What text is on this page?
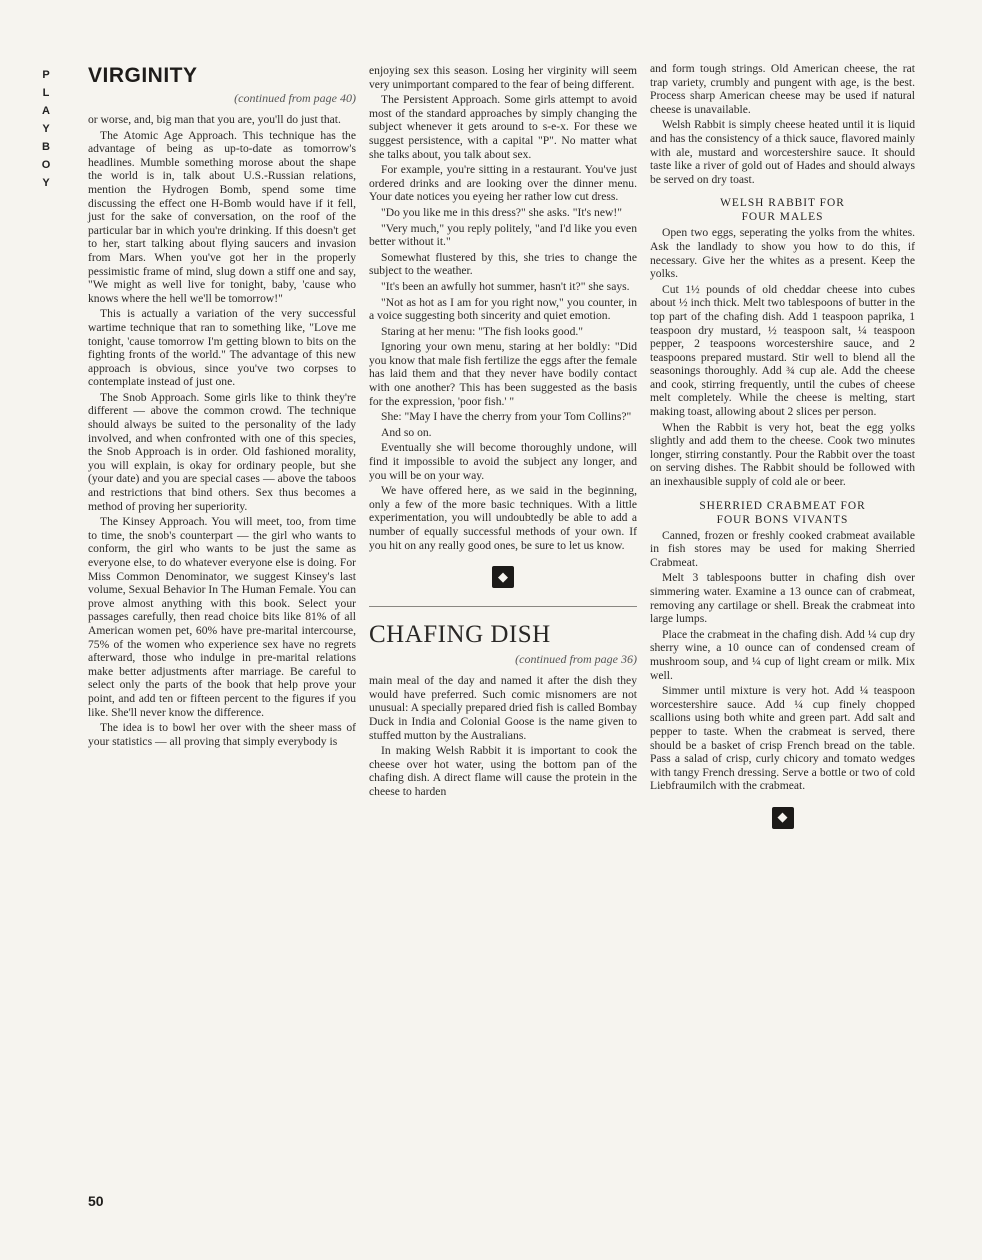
P
L
A
Y
B
O
Y
VIRGINITY
(continued from page 40)

or worse, and, big man that you are, you'll do just that.

The Atomic Age Approach. This technique has the advantage of being as up-to-date as tomorrow's headlines. Mumble something morose about the shape the world is in, talk about U.S.-Russian relations, mention the Hydrogen Bomb, spend some time discussing the effect one H-Bomb would have if it fell, just for the sake of conversation, on the roof of the particular bar in which you're drinking. If this doesn't get to her, start talking about flying saucers and invasion from Mars. When you've got her in the properly pessimistic frame of mind, slug down a stiff one and say, "We might as well live for tonight, baby, 'cause who knows where the hell we'll be tomorrow!"

This is actually a variation of the very successful wartime technique that ran to something like, "Love me tonight, 'cause tomorrow I'm getting blown to bits on the fighting fronts of the world." The advantage of this new approach is obvious, since you've two corpses to contemplate instead of just one.

The Snob Approach. Some girls like to think they're different — above the common crowd. The technique should always be suited to the personality of the lady involved, and when confronted with one of this species, the Snob Approach is in order. Old fashioned morality, you will explain, is okay for ordinary people, but she (your date) and you are special cases — above the taboos and restrictions that bind others. Sex thus becomes a method of proving her superiority.

The Kinsey Approach. You will meet, too, from time to time, the snob's counterpart — the girl who wants to conform, the girl who wants to be just the same as everyone else, to do whatever everyone else is doing. For Miss Common Denominator, we suggest Kinsey's last volume, Sexual Behavior In The Human Female. You can prove almost anything with this book. Select your passages carefully, then read choice bits like 81% of all American women pet, 60% have pre-marital intercourse, 75% of the women who experience sex have no regrets afterward, those who indulge in pre-marital relations make better adjustments after marriage. Be careful to select only the parts of the book that help prove your point, and add ten or fifteen percent to the figures if you like. She'll never know the difference.

The idea is to bowl her over with the sheer mass of your statistics — all proving that simply everybody is

enjoying sex this season. Losing her virginity will seem very unimportant compared to the fear of being different.

The Persistent Approach. Some girls attempt to avoid most of the standard approaches by simply changing the subject whenever it gets around to s-e-x. For these we suggest persistence, with a capital "P". No matter what she talks about, you talk about sex.

For example, you're sitting in a restaurant. You've just ordered drinks and are looking over the dinner menu. Your date notices you eyeing her rather low cut dress.

"Do you like me in this dress?" she asks. "It's new!"

"Very much," you reply politely, "and I'd like you even better without it."

Somewhat flustered by this, she tries to change the subject to the weather.

"It's been an awfully hot summer, hasn't it?" she says.

"Not as hot as I am for you right now," you counter, in a voice suggesting both sincerity and quiet emotion.

Staring at her menu: "The fish looks good."

Ignoring your own menu, staring at her boldly: "Did you know that male fish fertilize the eggs after the female has laid them and that they never have bodily contact with one another? This has been suggested as the basis for the expression, 'poor fish.' "

She: "May I have the cherry from your Tom Collins?"

And so on.

Eventually she will become thoroughly undone, will find it impossible to avoid the subject any longer, and you will be on your way.

We have offered here, as we said in the beginning, only a few of the more basic techniques. With a little experimentation, you will undoubtedly be able to add a number of equally successful methods of your own. If you hit on any really good ones, be sure to let us know.

◆
CHAFING DISH
(continued from page 36)

main meal of the day and named it after the dish they would have preferred. Such comic misnomers are not unusual: A specially prepared dried fish is called Bombay Duck in India and Colonial Goose is the name given to stuffed mutton by the Australians.

In making Welsh Rabbit it is important to cook the cheese over hot water, using the bottom pan of the chafing dish. A direct flame will cause the protein in the cheese to harden

and form tough strings. Old American cheese, the rat trap variety, crumbly and pungent with age, is the best. Process sharp American cheese may be used if natural cheese is unavailable.

Welsh Rabbit is simply cheese heated until it is liquid and has the consistency of a thick sauce, flavored mainly with ale, mustard and worcestershire sauce. It should taste like a river of gold out of Hades and should always be served on dry toast.

WELSH RABBIT FOR
FOUR MALES

Open two eggs, seperating the yolks from the whites. Ask the landlady to show you how to do this, if necessary. Give her the whites as a present. Keep the yolks.

Cut 1½ pounds of old cheddar cheese into cubes about ½ inch thick. Melt two tablespoons of butter in the top part of the chafing dish. Add 1 teaspoon paprika, 1 teaspoon dry mustard, ½ teaspoon salt, ¼ teaspoon pepper, 2 teaspoons worcestershire sauce, and 2 teaspoons prepared mustard. Stir well to blend all the seasonings thoroughly. Add ¾ cup ale. Add the cheese and cook, stirring frequently, until the cubes of cheese melt completely. While the cheese is melting, start making toast, allowing about 2 slices per person.

When the Rabbit is very hot, beat the egg yolks slightly and add them to the cheese. Cook two minutes longer, stirring constantly. Pour the Rabbit over the toast on serving dishes. The Rabbit should be followed with an inexhausible supply of cold ale or beer.

SHERRIED CRABMEAT FOR
FOUR BONS VIVANTS

Canned, frozen or freshly cooked crabmeat available in fish stores may be used for making Sherried Crabmeat.

Melt 3 tablespoons butter in chafing dish over simmering water. Examine a 13 ounce can of crabmeat, removing any cartilage or shell. Break the crabmeat into large lumps.

Place the crabmeat in the chafing dish. Add ¼ cup dry sherry wine, a 10 ounce can of condensed cream of mushroom soup, and ¼ cup of light cream or milk. Mix well.

Simmer until mixture is very hot. Add ¼ teaspoon worcestershire sauce. Add ¼ cup finely chopped scallions using both white and green part. Add salt and pepper to taste. When the crabmeat is served, there should be a basket of crisp French bread on the table. Pass a salad of crisp, curly chicory and tomato wedges with tangy French dressing. Serve a bottle or two of cold Liebfraumilch with the crabmeat.

◆
50
